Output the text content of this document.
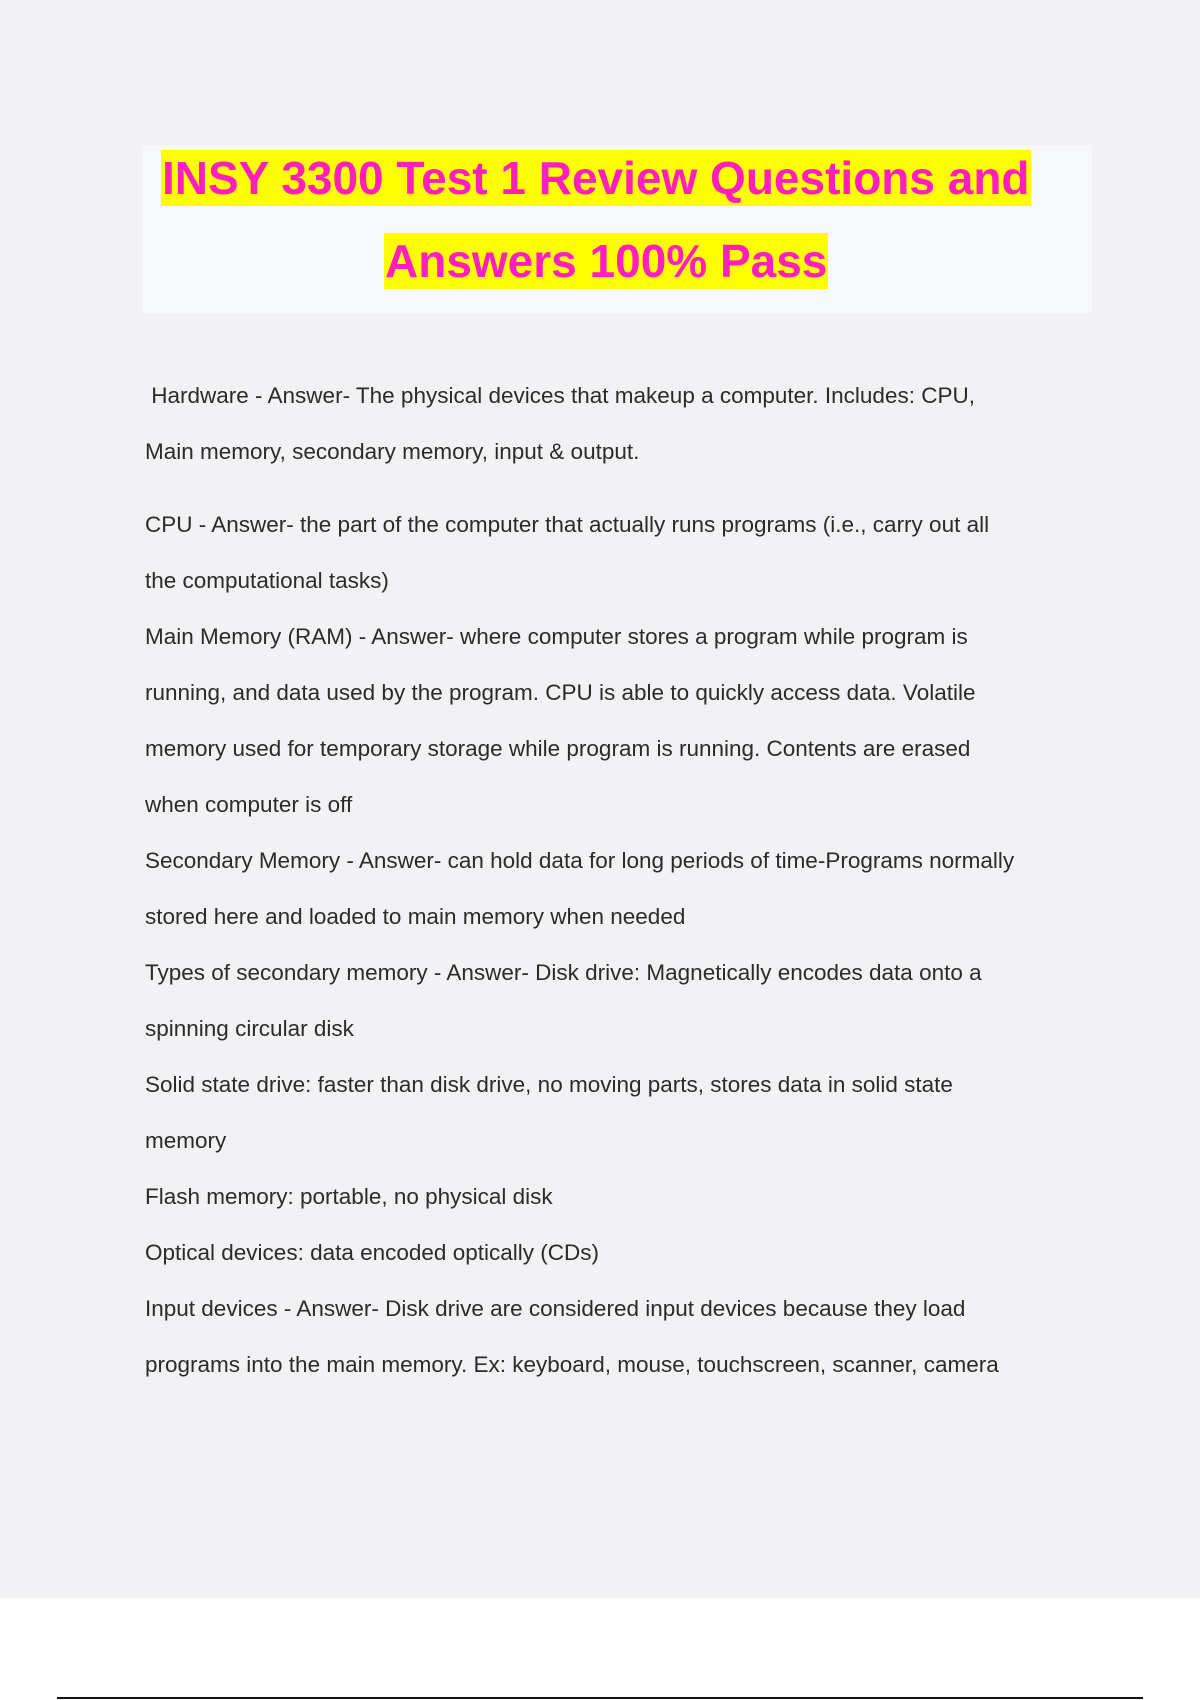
INSY 3300 Test 1 Review Questions and
Answers 100% Pass
Hardware - Answer- The physical devices that makeup a computer. Includes: CPU,
Main memory, secondary memory, input & output.
CPU - Answer- the part of the computer that actually runs programs (i.e., carry out all
the computational tasks)
Main Memory (RAM) - Answer- where computer stores a program while program is
running, and data used by the program. CPU is able to quickly access data. Volatile
memory used for temporary storage while program is running. Contents are erased
when computer is off
Secondary Memory - Answer- can hold data for long periods of time-Programs normally
stored here and loaded to main memory when needed
Types of secondary memory - Answer- Disk drive: Magnetically encodes data onto a
spinning circular disk
Solid state drive: faster than disk drive, no moving parts, stores data in solid state
memory
Flash memory: portable, no physical disk
Optical devices: data encoded optically (CDs)
Input devices - Answer- Disk drive are considered input devices because they load
programs into the main memory. Ex: keyboard, mouse, touchscreen, scanner, camera
